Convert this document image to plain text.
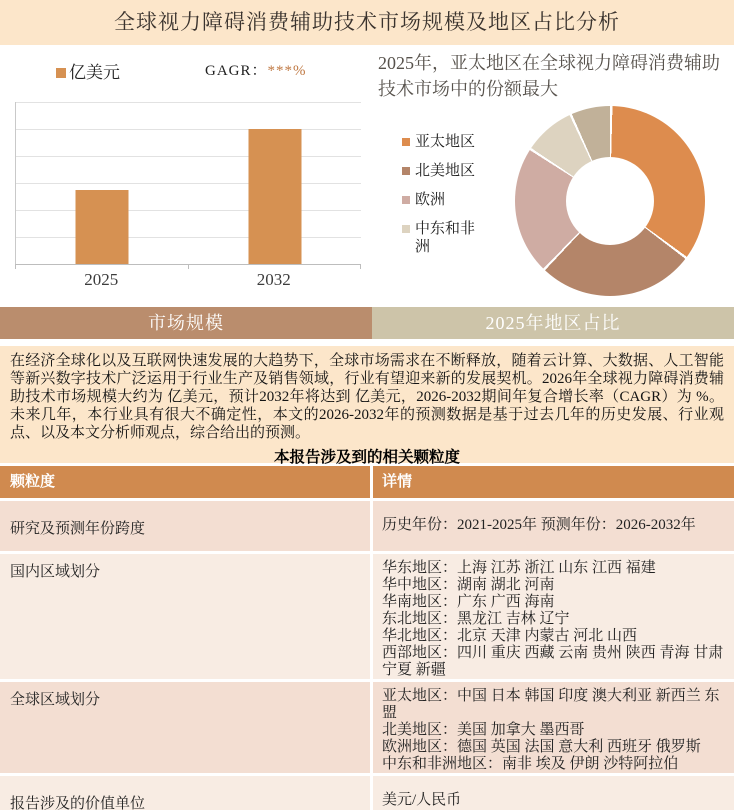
全球视力障碍消费辅助技术市场规模及地区占比分析
亿美元	GAGR：***%
2025	2032
2025年，亚太地区在全球视力障碍消费辅助技术市场中的份额最大
亚太地区
北美地区
欧洲
中东和非洲
市场规模	2025年地区占比

在经济全球化以及互联网快速发展的大趋势下，全球市场需求在不断释放，随着云计算、大数据、人工智能等新兴数字技术广泛运用于行业生产及销售领域，行业有望迎来新的发展契机。2026年全球视力障碍消费辅助技术市场规模大约为 亿美元，预计2032年将达到 亿美元，2026-2032期间年复合增长率（CAGR）为 %。未来几年，本行业具有很大不确定性，本文的2026-2032年的预测数据是基于过去几年的历史发展、行业观点、以及本文分析师观点，综合给出的预测。

本报告涉及到的相关颗粒度
颗粒度	详情
研究及预测年份跨度	历史年份：2021-2025年 预测年份：2026-2032年
国内区域划分	华东地区：上海 江苏 浙江 山东 江西 福建
华中地区：湖南 湖北 河南
华南地区：广东 广西 海南
东北地区：黑龙江 吉林 辽宁
华北地区：北京 天津 内蒙古 河北 山西
西部地区：四川 重庆 西藏 云南 贵州 陕西 青海 甘肃 宁夏 新疆
全球区域划分	亚太地区：中国 日本 韩国 印度 澳大利亚 新西兰 东盟
北美地区：美国 加拿大 墨西哥
欧洲地区：德国 英国 法国 意大利 西班牙 俄罗斯
中东和非洲地区：南非 埃及 伊朗 沙特阿拉伯
报告涉及的价值单位	美元/人民币
